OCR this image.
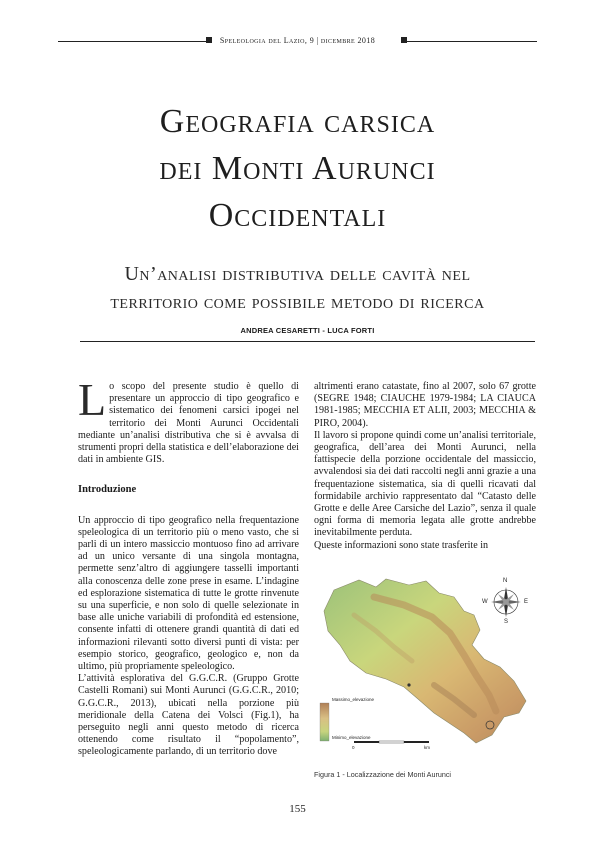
Speleologia del Lazio, 9 | dicembre 2018
Geografia carsica
dei Monti Aurunci
Occidentali
Un’analisi distributiva delle cavità nel
territorio come possibile metodo di ricerca
ANDREA CESARETTI - LUCA FORTI

Lo scopo del presente studio è quello di presentare un approccio di tipo geografico e sistematico dei fenomeni carsici ipogei nel territorio dei Monti Aurunci Occidentali mediante un’analisi distributiva che si è avvalsa di strumenti propri della statistica e dell’elaborazione dei dati in ambiente GIS.

Introduzione

Un approccio di tipo geografico nella frequentazione speleologica di un territorio più o meno vasto, che si parli di un intero massiccio montuoso fino ad arrivare ad un unico versante di una singola montagna, permette senz’altro di aggiungere tasselli importanti alla conoscenza delle zone prese in esame. L’indagine ed esplorazione sistematica di tutte le grotte rinvenute su una superficie, e non solo di quelle selezionate in base alle uniche variabili di profondità ed estensione, consente infatti di ottenere grandi quantità di dati ed informazioni rilevanti sotto diversi punti di vista: per esempio storico, geografico, geologico e, non da ultimo, più propriamente speleologico.

L’attività esplorativa del G.G.C.R. (Gruppo Grotte Castelli Romani) sui Monti Aurunci (G.G.C.R., 2010; G.G.C.R., 2013), ubicati nella porzione più meridionale della Catena dei Volsci (Fig.1), ha perseguito negli anni questo metodo di ricerca ottenendo come risultato il “popolamento”, speleologicamente parlando, di un territorio dove

altrimenti erano catastate, fino al 2007, solo 67 grotte (SEGRE 1948; CIAUCHE 1979-1984; LA CIAUCA 1981-1985; MECCHIA ET ALII, 2003; MECCHIA & PIRO, 2004).

Il lavoro si propone quindi come un’analisi territoriale, geografica, dell’area dei Monti Aurunci, nella fattispecie della porzione occidentale del massiccio, avvalendosi sia dei dati raccolti negli anni grazie a una frequentazione sistematica, sia di quelli ricavati dal formidabile archivio rappresentato dal “Catasto delle Grotte e delle Aree Carsiche del Lazio”, senza il quale ogni forma di memoria legata alle grotte andrebbe inevitabilmente perduta.

Queste informazioni sono state trasferite in

N
S
E
W
Massimo_elevazione
Minimo_elevazione
0	km
Figura 1 - Localizzazione dei Monti Aurunci
155
